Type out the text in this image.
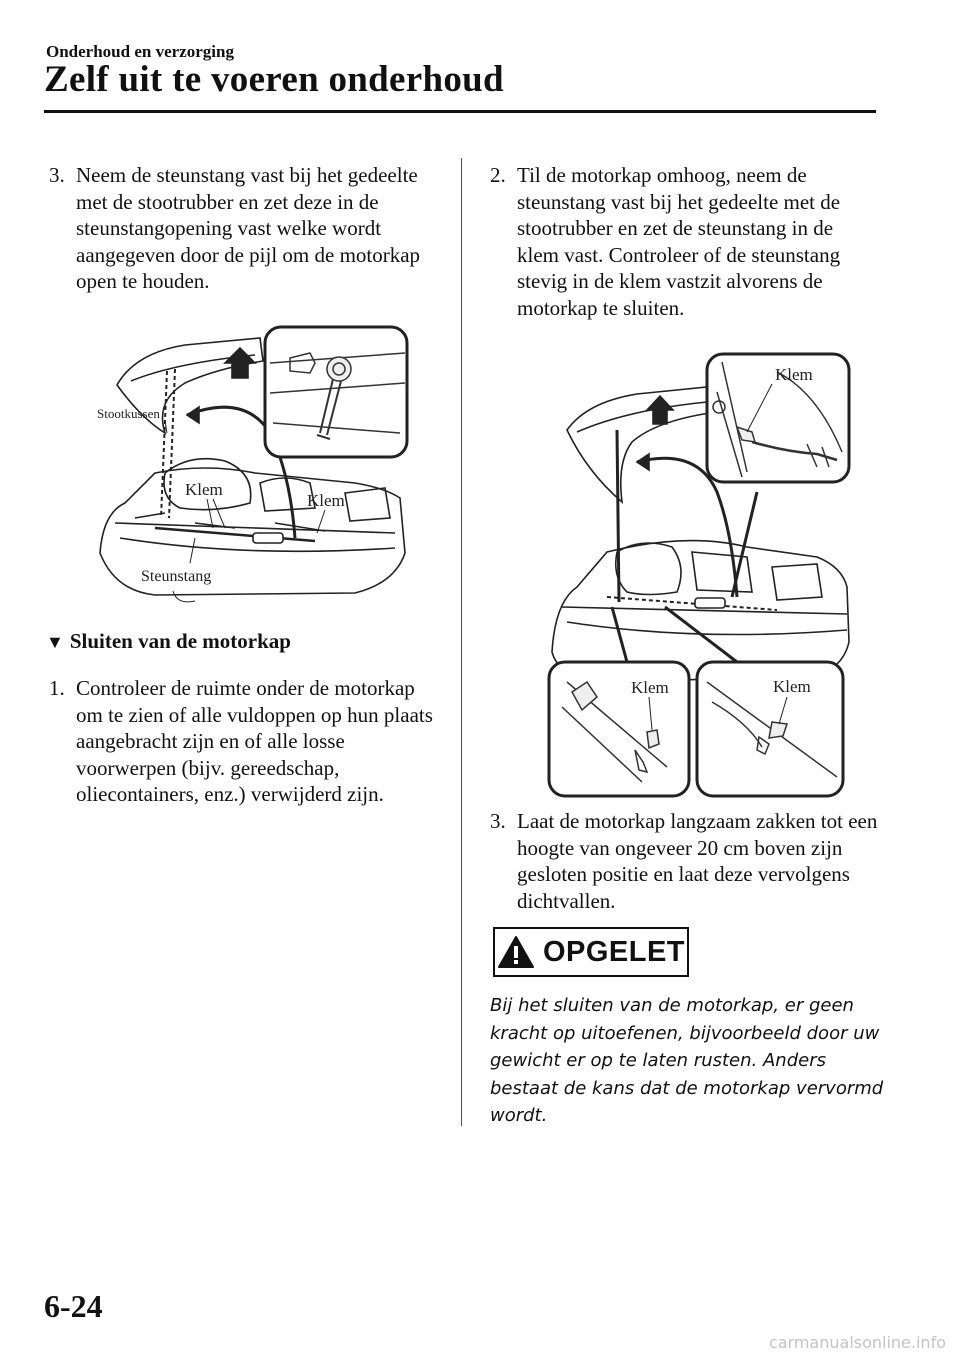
Onderhoud en verzorging
Zelf uit te voeren onderhoud
3. Neem de steunstang vast bij het gedeelte met de stootrubber en zet deze in de steunstangopening vast welke wordt aangegeven door de pijl om de motorkap open te houden.
Stootkussen
Klem
Klem
Steunstang
▼ Sluiten van de motorkap
1. Controleer de ruimte onder de motorkap om te zien of alle vuldoppen op hun plaats aangebracht zijn en of alle losse voorwerpen (bijv. gereedschap, oliecontainers, enz.) verwijderd zijn.
2. Til de motorkap omhoog, neem de steunstang vast bij het gedeelte met de stootrubber en zet de steunstang in de klem vast. Controleer of de steunstang stevig in de klem vastzit alvorens de motorkap te sluiten.
Klem
Klem	Klem
3. Laat de motorkap langzaam zakken tot een hoogte van ongeveer 20 cm boven zijn gesloten positie en laat deze vervolgens dichtvallen.
OPGELET
Bij het sluiten van de motorkap, er geen kracht op uitoefenen, bijvoorbeeld door uw gewicht er op te laten rusten. Anders bestaat de kans dat de motorkap vervormd wordt.
6-24
carmanualsonline.info
